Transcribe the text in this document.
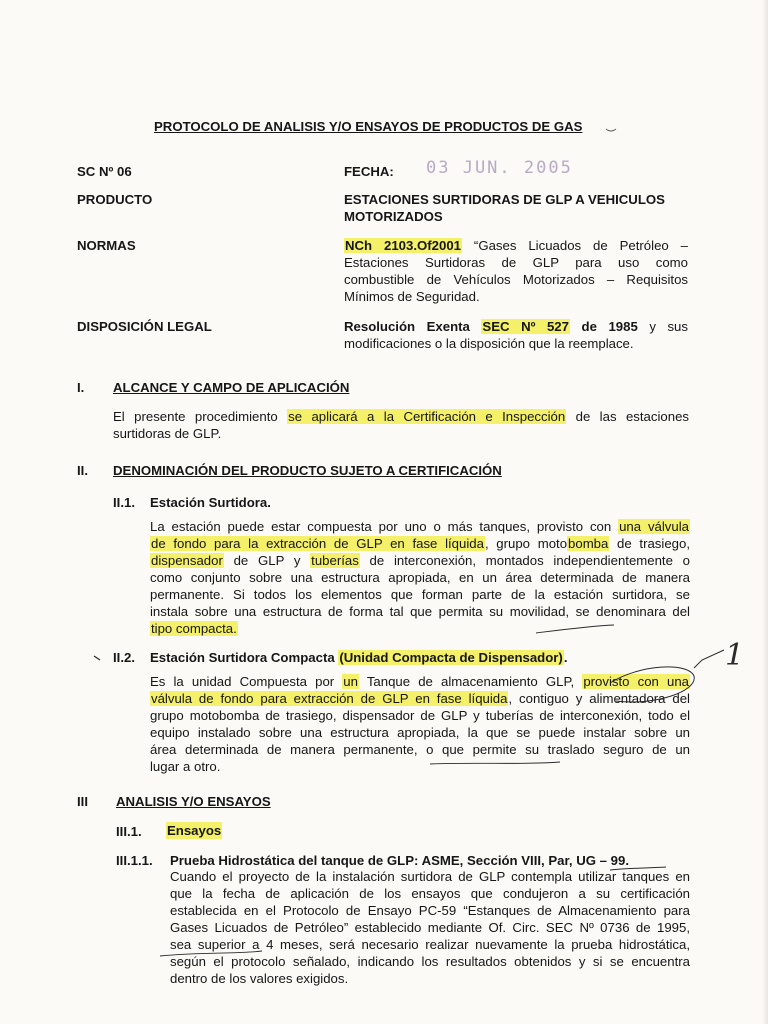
PROTOCOLO DE ANALISIS Y/O ENSAYOS DE PRODUCTOS DE GAS
SC Nº 06	FECHA: 03 JUN. 2005
PRODUCTO	ESTACIONES SURTIDORAS DE GLP A VEHICULOS
MOTORIZADOS
NORMAS	NCh 2103.Of2001 “Gases Licuados de Petróleo –
Estaciones Surtidoras de GLP para uso como
combustible de Vehículos Motorizados – Requisitos
Mínimos de Seguridad.
DISPOSICIÓN LEGAL	Resolución Exenta SEC Nº 527 de 1985 y sus
modificaciones o la disposición que la reemplace.
I. ALCANCE Y CAMPO DE APLICACIÓN
El presente procedimiento se aplicará a la Certificación e Inspección de las estaciones
surtidoras de GLP.
II. DENOMINACIÓN DEL PRODUCTO SUJETO A CERTIFICACIÓN
II.1. Estación Surtidora.
La estación puede estar compuesta por uno o más tanques, provisto con una válvula
de fondo para la extracción de GLP en fase líquida, grupo motobomba de trasiego,
dispensador de GLP y tuberías de interconexión, montados independientemente o
como conjunto sobre una estructura apropiada, en un área determinada de manera
permanente. Si todos los elementos que forman parte de la estación surtidora, se
instala sobre una estructura de forma tal que permita su movilidad, se denominara del
tipo compacta.
II.2. Estación Surtidora Compacta (Unidad Compacta de Dispensador).
Es la unidad Compuesta por un Tanque de almacenamiento GLP, provisto con una
válvula de fondo para extracción de GLP en fase líquida, contiguo y alimentadora del
grupo motobomba de trasiego, dispensador de GLP y tuberías de interconexión, todo el
equipo instalado sobre una estructura apropiada, la que se puede instalar sobre un
área determinada de manera permanente, o que permite su traslado seguro de un
lugar a otro.
III ANALISIS Y/O ENSAYOS
III.1. Ensayos
III.1.1. Prueba Hidrostática del tanque de GLP: ASME, Sección VIII, Par, UG – 99.
Cuando el proyecto de la instalación surtidora de GLP contempla utilizar tanques en
que la fecha de aplicación de los ensayos que condujeron a su certificación
establecida en el Protocolo de Ensayo PC-59 “Estanques de Almacenamiento para
Gases Licuados de Petróleo” establecido mediante Of. Circ. SEC Nº 0736 de 1995,
sea superior a 4 meses, será necesario realizar nuevamente la prueba hidrostática,
según el protocolo señalado, indicando los resultados obtenidos y si se encuentra
dentro de los valores exigidos.
1
